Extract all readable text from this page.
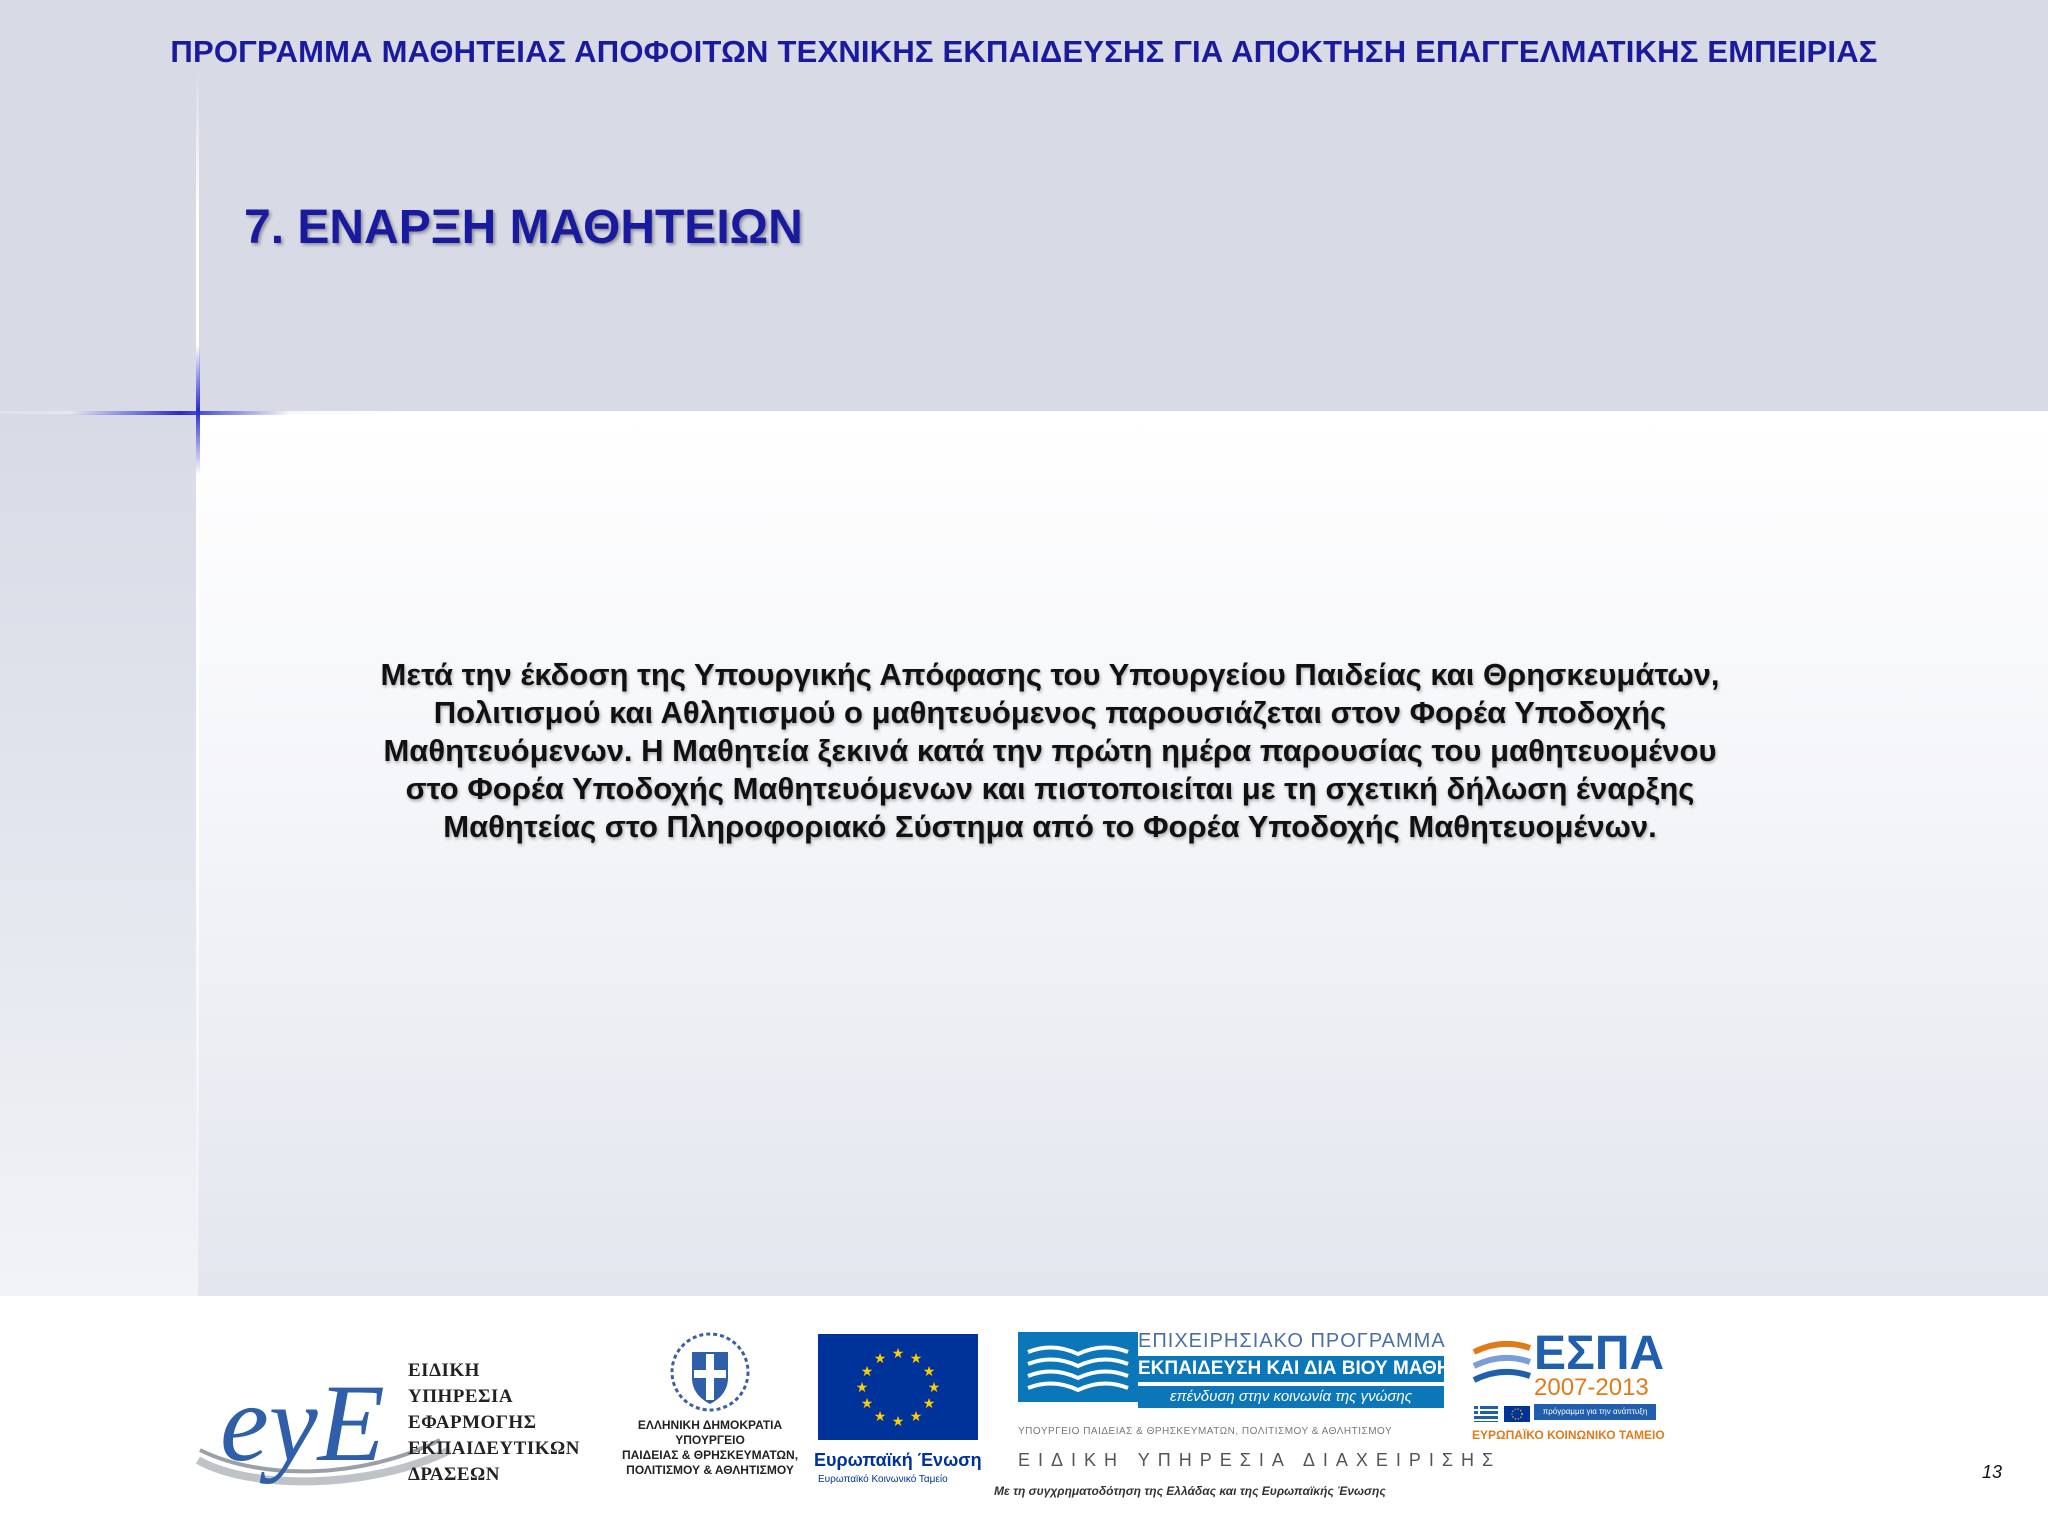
ΠΡΟΓΡΑΜΜΑ ΜΑΘΗΤΕΙΑΣ ΑΠΟΦΟΙΤΩΝ ΤΕΧΝΙΚΗΣ ΕΚΠΑΙΔΕΥΣΗΣ ΓΙΑ ΑΠΟΚΤΗΣΗ ΕΠΑΓΓΕΛΜΑΤΙΚΗΣ ΕΜΠΕΙΡΙΑΣ
7. ΕΝΑΡΞΗ ΜΑΘΗΤΕΙΩΝ
Μετά την έκδοση της Υπουργικής Απόφασης του Υπουργείου Παιδείας και Θρησκευμάτων,
Πολιτισμού και Αθλητισμού ο μαθητευόμενος παρουσιάζεται στον Φορέα Υποδοχής
Μαθητευόμενων. Η Μαθητεία ξεκινά κατά την πρώτη ημέρα παρουσίας του μαθητευομένου
στο Φορέα Υποδοχής Μαθητευόμενων και πιστοποιείται με τη σχετική δήλωση έναρξης
Μαθητείας στο Πληροφοριακό Σύστημα από το Φορέα Υποδοχής Μαθητευομένων.
eyE ΕΙΔΙΚΗ
ΥΠΗΡΕΣΙΑ
ΕΦΑΡΜΟΓΗΣ
ΕΚΠΑΙΔΕΥΤΙΚΩΝ
ΔΡΑΣΕΩΝ
ΕΛΛΗΝΙΚΗ ΔΗΜΟΚΡΑΤΙΑ
ΥΠΟΥΡΓΕΙΟ
ΠΑΙΔΕΙΑΣ & ΘΡΗΣΚΕΥΜΑΤΩΝ,
ΠΟΛΙΤΙΣΜΟΥ & ΑΘΛΗΤΙΣΜΟΥ
★ ★
★
★
★
★
★
★
★
★
★
★
Ευρωπαϊκή Ένωση
Ευρωπαϊκό Κοινωνικό Ταμείο
ΕΠΙΧΕΙΡΗΣΙΑΚΟ ΠΡΟΓΡΑΜΜΑ
ΕΚΠΑΙΔΕΥΣΗ ΚΑΙ ΔΙΑ ΒΙΟΥ ΜΑΘΗΣΗ
επένδυση στην κοινωνία της γνώσης
ΥΠΟΥΡΓΕΙΟ ΠΑΙΔΕΙΑΣ & ΘΡΗΣΚΕΥΜΑΤΩΝ, ΠΟΛΙΤΙΣΜΟΥ & ΑΘΛΗΤΙΣΜΟΥ
ΕΙΔΙΚΗ ΥΠΗΡΕΣΙΑ ΔΙΑΧΕΙΡΙΣΗΣ
Με τη συγχρηματοδότηση της Ελλάδας και της Ευρωπαϊκής Ένωσης
ΕΣΠΑ
2007-2013
πρόγραμμα για την ανάπτυξη
ΕΥΡΩΠΑΪΚΟ ΚΟΙΝΩΝΙΚΟ ΤΑΜΕΙΟ
13
